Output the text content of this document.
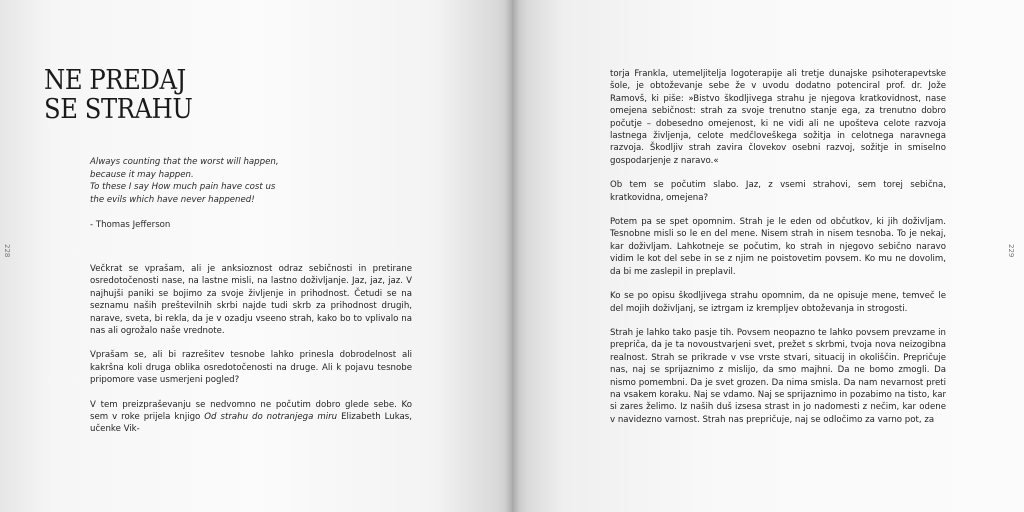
NE PREDAJ
SE STRAHU
Always counting that the worst will happen,
because it may happen.
To these I say How much pain have cost us
the evils which have never happened!
- Thomas Jefferson
228

Večkrat se vprašam, ali je anksioznost odraz sebičnosti in pretirane osredotočenosti nase, na lastne misli, na lastno doživljanje. Jaz, jaz, jaz. V najhujši paniki se bojimo za svoje življenje in prihodnost. Četudi se na seznamu naših preštevilnih skrbi najde tudi skrb za prihodnost drugih, narave, sveta, bi rekla, da je v ozadju vseeno strah, kako bo to vplivalo na nas ali ogrožalo naše vrednote.

Vprašam se, ali bi razrešitev tesnobe lahko prinesla dobrodelnost ali kakršna koli druga oblika osredotočenosti na druge. Ali k pojavu tesnobe pripomore vase usmerjeni pogled?

V tem preizpraševanju se nedvomno ne počutim dobro glede sebe. Ko sem v roke prijela knjigo Od strahu do notranjega miru Elizabeth Lukas, učenke Vik-

torja Frankla, utemeljitelja logoterapije ali tretje dunajske psihoterapevtske šole, je obtoževanje sebe že v uvodu dodatno potenciral prof. dr. Jože Ramovš, ki piše: »Bistvo škodljivega strahu je njegova kratkovidnost, nase omejena sebičnost: strah za svoje trenutno stanje ega, za trenutno dobro počutje – dobesedno omejenost, ki ne vidi ali ne upošteva celote razvoja lastnega življenja, celote medčloveškega sožitja in celotnega naravnega razvoja. Škodljiv strah zavira človekov osebni razvoj, sožitje in smiselno gospodarjenje z naravo.«

Ob tem se počutim slabo. Jaz, z vsemi strahovi, sem torej sebična, kratkovidna, omejena?

Potem pa se spet opomnim. Strah je le eden od občutkov, ki jih doživljam. Tesnobne misli so le en del mene. Nisem strah in nisem tesnoba. To je nekaj, kar doživljam. Lahkotneje se počutim, ko strah in njegovo sebično naravo vidim le kot del sebe in se z njim ne poistovetim povsem. Ko mu ne dovolim, da bi me zaslepil in preplavil.

Ko se po opisu škodljivega strahu opomnim, da ne opisuje mene, temveč le del mojih doživljanj, se iztrgam iz krempljev obtoževanja in strogosti.

Strah je lahko tako pasje tih. Povsem neopazno te lahko povsem prevzame in prepriča, da je ta novoustvarjeni svet, prežet s skrbmi, tvoja nova neizogibna realnost. Strah se prikrade v vse vrste stvari, situacij in okoliščin. Prepričuje nas, naj se sprijaznimo z mislijo, da smo majhni. Da ne bomo zmogli. Da nismo pomembni. Da je svet grozen. Da nima smisla. Da nam nevarnost preti na vsakem koraku. Naj se vdamo. Naj se sprijaznimo in pozabimo na tisto, kar si zares želimo. Iz naših duš izsesa strast in jo nadomesti z nečim, kar odene v navidezno varnost. Strah nas prepričuje, naj se odločimo za varno pot, za

229
